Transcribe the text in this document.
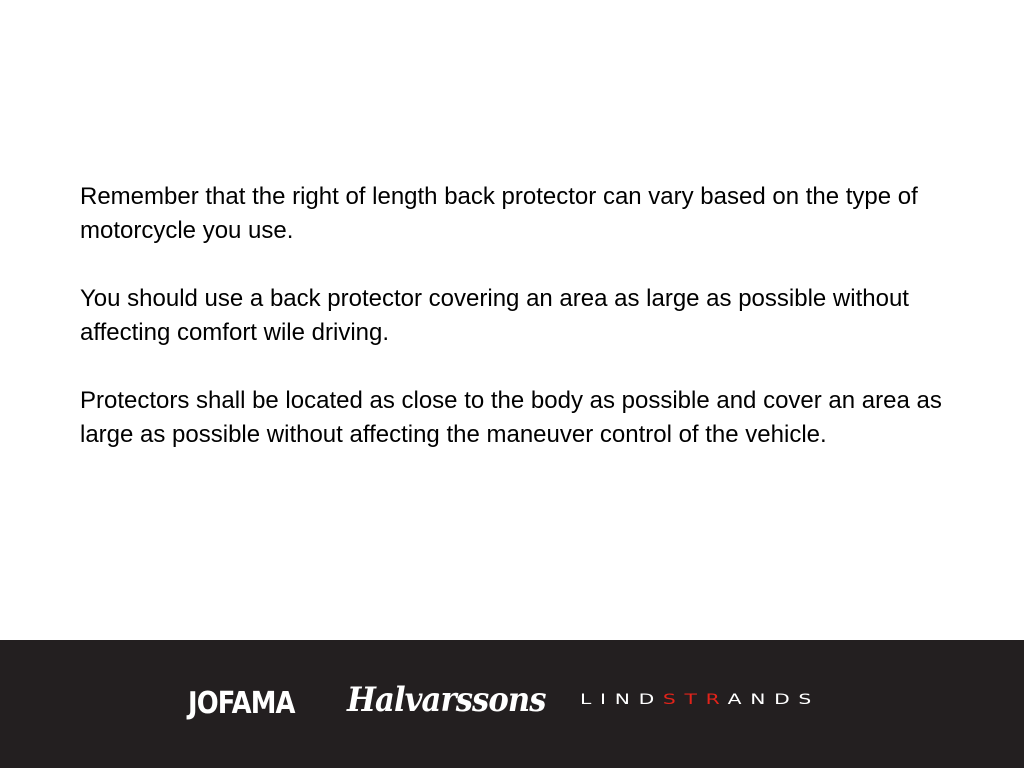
Remember that the right of length back protector can vary based on the type of motorcycle you use.

You should use a back protector covering an area as large as possible without affecting comfort wile driving.

Protectors shall be located as close to the body as possible and cover an area as large as possible without affecting the maneuver control of the vehicle.

JOFAMA Halvarssons LINDSTRANDS
